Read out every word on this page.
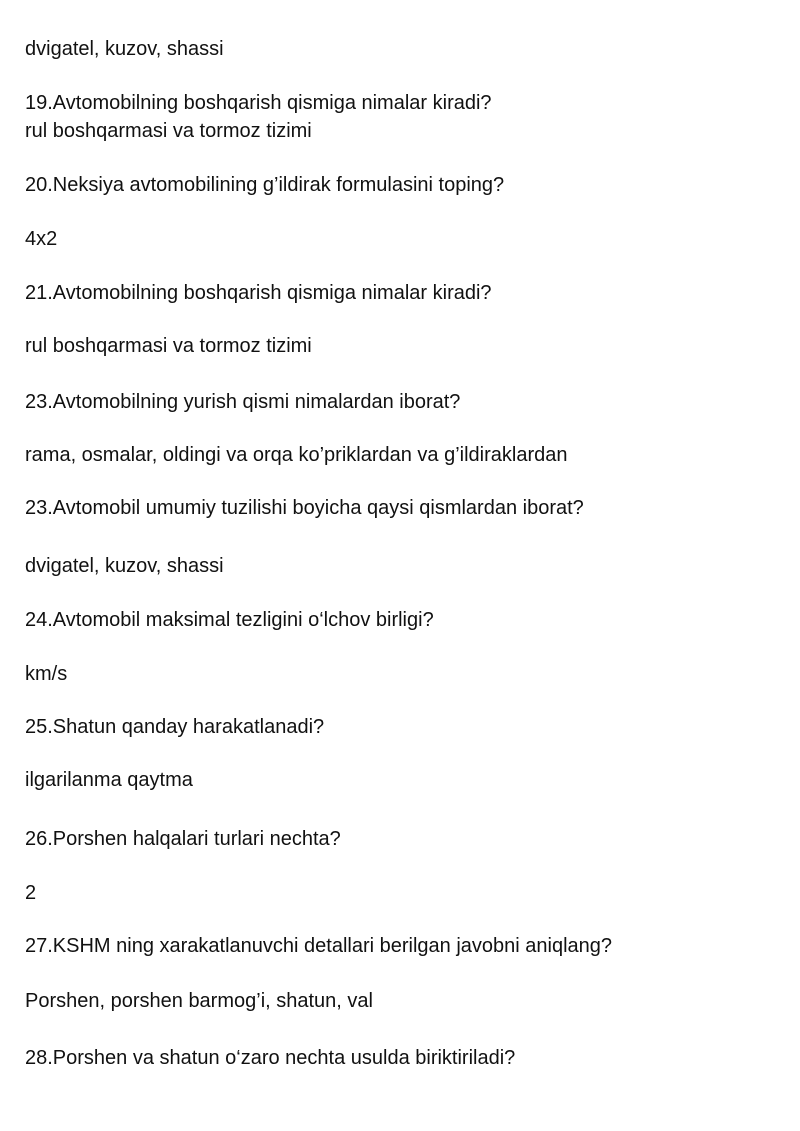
dvigatel, kuzov, shassi
19.Avtomobilning boshqarish qismiga nimalar kiradi?
rul boshqarmasi va tormoz tizimi
20.Neksiya avtomobilining g’ildirak formulasini toping?
4x2
21.Avtomobilning boshqarish qismiga nimalar kiradi?
rul boshqarmasi va tormoz tizimi
23.Avtomobilning yurish qismi nimalardan iborat?
rama, osmalar, oldingi va orqa ko’priklardan va g’ildiraklardan
23.Avtomobil umumiy tuzilishi boyicha qaysi qismlardan iborat?
dvigatel, kuzov, shassi
24.Avtomobil maksimal tezligini o‘lchov birligi?
km/s
25.Shatun qanday harakatlanadi?
ilgarilanma qaytma
26.Porshen halqalari turlari nechta?
2
27.KSHM ning xarakatlanuvchi detallari berilgan javobni aniqlang?
Porshen, porshen barmog’i, shatun, val
28.Porshen va shatun o‘zaro nechta usulda biriktiriladi?
